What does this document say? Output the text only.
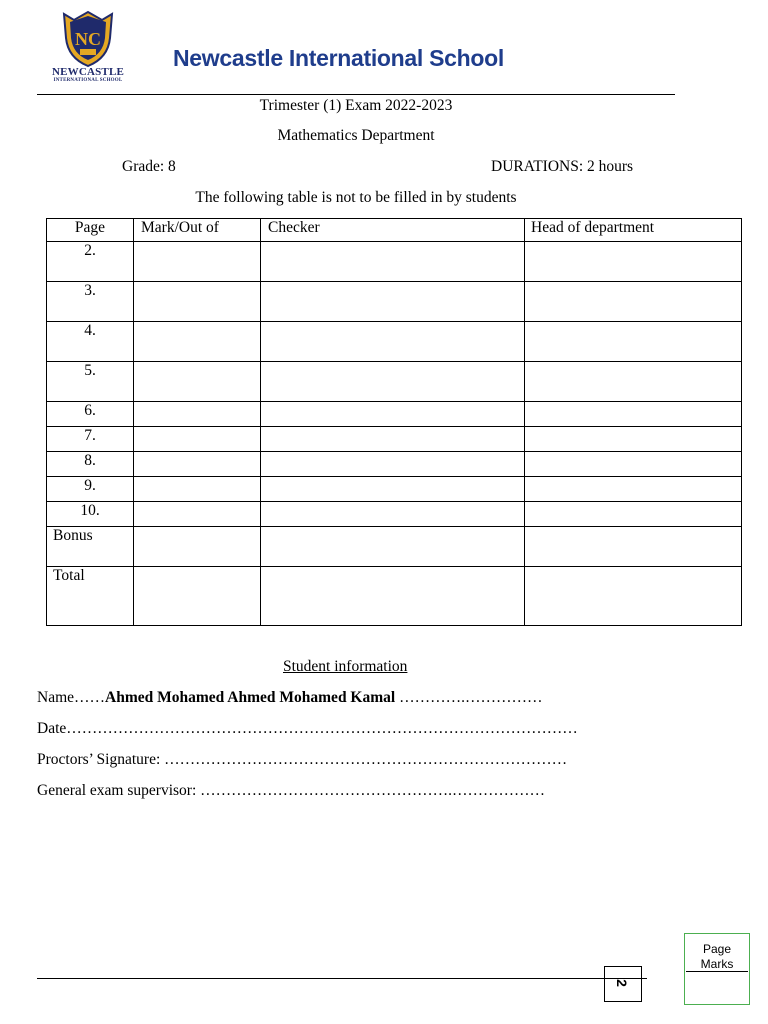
NC
NEWCASTLE
INTERNATIONAL SCHOOL
Newcastle International School
Trimester (1) Exam 2022-2023
Mathematics Department
Grade: 8	DURATIONS: 2 hours
The following table is not to be filled in by students
Page	Mark/Out of	Checker	Head of department
2.			
3.			
4.			
5.			
6.			
7.			
8.			
9.			
10.			
Bonus			
Total			
Student information
Name……Ahmed Mohamed Ahmed Mohamed Kamal ………….……………
Date………………………………………………………………………………………
Proctors’ Signature: ……………………………………………………………………
General exam supervisor: ………………………………………….………………
2
Page
Marks
